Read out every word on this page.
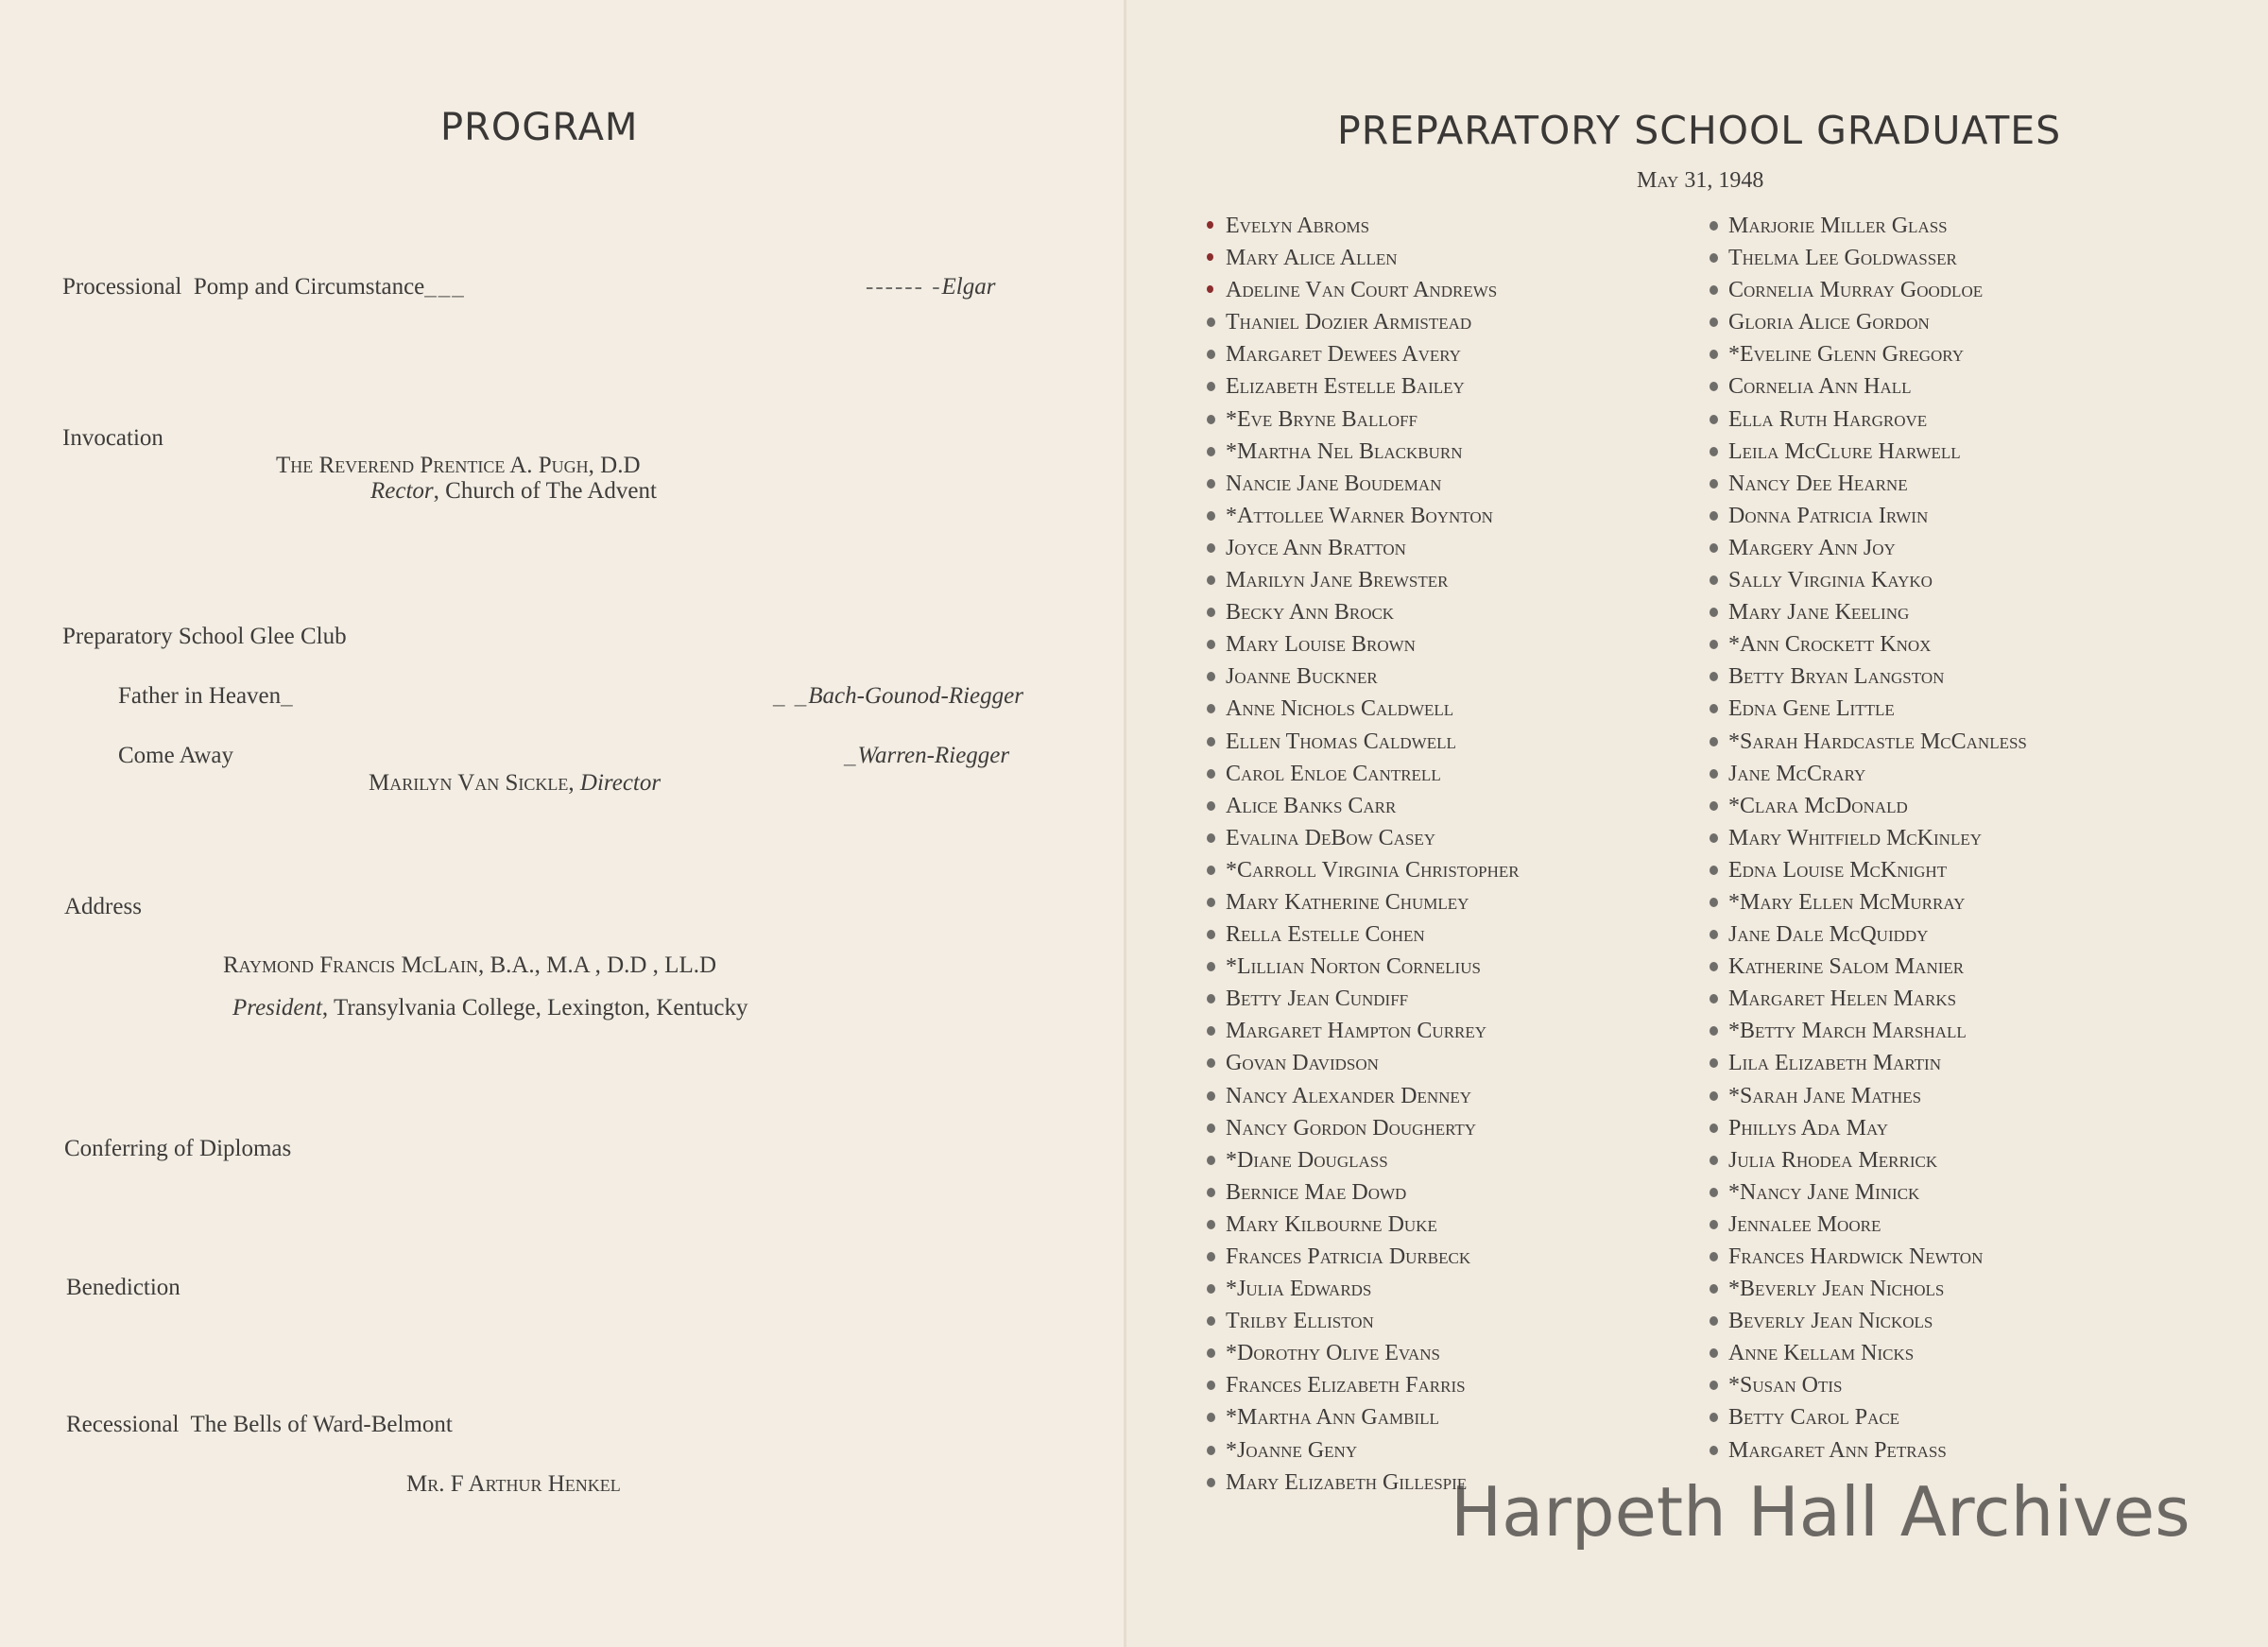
PROGRAM
Processional Pomp and Circumstance___	------ -Elgar
Invocation
The Reverend Prentice A. Pugh, D.D
Rector, Church of The Advent
Preparatory School Glee Club
Father in Heaven_	_ _Bach-Gounod-Riegger
Come Away	_Warren-Riegger
Marilyn Van Sickle, Director
Address
Raymond Francis McLain, B.A., M.A , D.D , LL.D
President, Transylvania College, Lexington, Kentucky
Conferring of Diplomas
Benediction
Recessional The Bells of Ward-Belmont
Mr. F Arthur Henkel
PREPARATORY SCHOOL GRADUATES
May 31, 1948
Evelyn Abroms
Mary Alice Allen
Adeline Van Court Andrews
Thaniel Dozier Armistead
Margaret Dewees Avery
Elizabeth Estelle Bailey
*Eve Bryne Balloff
*Martha Nel Blackburn
Nancie Jane Boudeman
*Attollee Warner Boynton
Joyce Ann Bratton
Marilyn Jane Brewster
Becky Ann Brock
Mary Louise Brown
Joanne Buckner
Anne Nichols Caldwell
Ellen Thomas Caldwell
Carol Enloe Cantrell
Alice Banks Carr
Evalina DeBow Casey
*Carroll Virginia Christopher
Mary Katherine Chumley
Rella Estelle Cohen
*Lillian Norton Cornelius
Betty Jean Cundiff
Margaret Hampton Currey
Govan Davidson
Nancy Alexander Denney
Nancy Gordon Dougherty
*Diane Douglass
Bernice Mae Dowd
Mary Kilbourne Duke
Frances Patricia Durbeck
*Julia Edwards
Trilby Elliston
*Dorothy Olive Evans
Frances Elizabeth Farris
*Martha Ann Gambill
*Joanne Geny
Mary Elizabeth Gillespie
Marjorie Miller Glass
Thelma Lee Goldwasser
Cornelia Murray Goodloe
Gloria Alice Gordon
*Eveline Glenn Gregory
Cornelia Ann Hall
Ella Ruth Hargrove
Leila McClure Harwell
Nancy Dee Hearne
Donna Patricia Irwin
Margery Ann Joy
Sally Virginia Kayko
Mary Jane Keeling
*Ann Crockett Knox
Betty Bryan Langston
Edna Gene Little
*Sarah Hardcastle McCanless
Jane McCrary
*Clara McDonald
Mary Whitfield McKinley
Edna Louise McKnight
*Mary Ellen McMurray
Jane Dale McQuiddy
Katherine Salom Manier
Margaret Helen Marks
*Betty March Marshall
Lila Elizabeth Martin
*Sarah Jane Mathes
Phillys Ada May
Julia Rhodea Merrick
*Nancy Jane Minick
Jennalee Moore
Frances Hardwick Newton
*Beverly Jean Nichols
Beverly Jean Nickols
Anne Kellam Nicks
*Susan Otis
Betty Carol Pace
Margaret Ann Petrass
Harpeth Hall Archives
